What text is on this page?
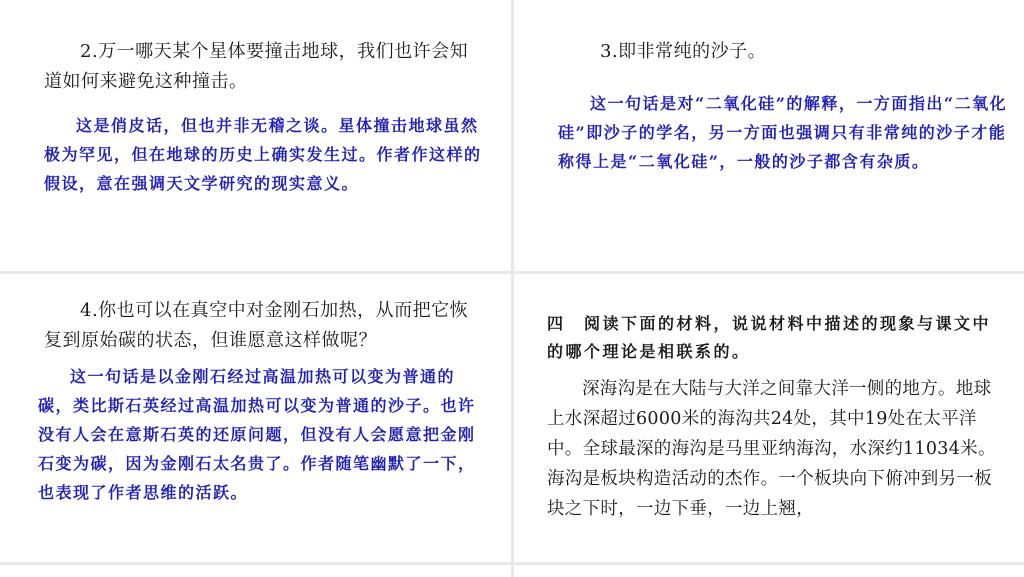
2.万一哪天某个星体要撞击地球，我们也许会知道如何来避免这种撞击。

这是俏皮话，但也并非无稽之谈。星体撞击地球虽然极为罕见，但在地球的历史上确实发生过。作者作这样的假设，意在强调天文学研究的现实意义。

3.即非常纯的沙子。

这一句话是对“二氧化硅”的解释，一方面指出“二氧化硅”即沙子的学名，另一方面也强调只有非常纯的沙子才能称得上是“二氧化硅”，一般的沙子都含有杂质。

4.你也可以在真空中对金刚石加热，从而把它恢复到原始碳的状态，但谁愿意这样做呢？

这一句话是以金刚石经过高温加热可以变为普通的碳，类比斯石英经过高温加热可以变为普通的沙子。也许没有人会在意斯石英的还原问题，但没有人会愿意把金刚石变为碳，因为金刚石太名贵了。作者随笔幽默了一下，也表现了作者思维的活跃。

四　阅读下面的材料，说说材料中描述的现象与课文中的哪个理论是相联系的。

深海沟是在大陆与大洋之间靠大洋一侧的地方。地球上水深超过6000米的海沟共24处，其中19处在太平洋中。全球最深的海沟是马里亚纳海沟，水深约11034米。海沟是板块构造活动的杰作。一个板块向下俯冲到另一板块之下时，一边下垂，一边上翘，
